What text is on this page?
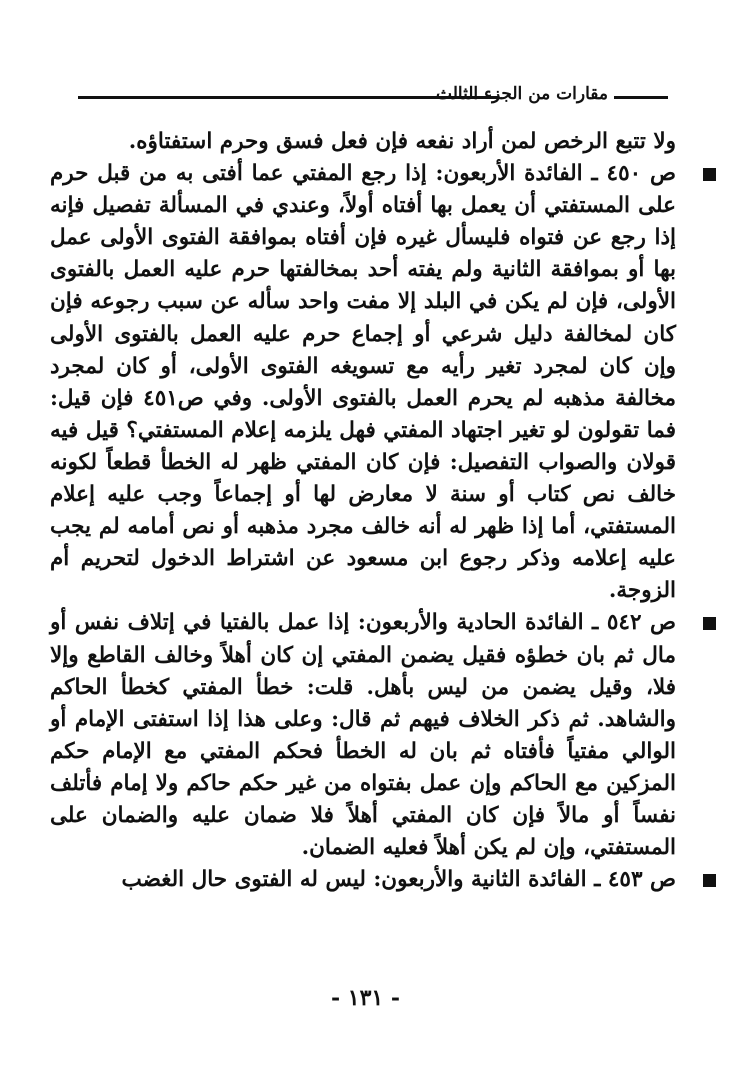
مقارات من الجزء الثالث

ولا تتبع الرخص لمن أراد نفعه فإن فعل فسق وحرم استفتاؤه.

ص ٤٥٠ ـ الفائدة الأربعون: إذا رجع المفتي عما أفتى به من قبل حرم على المستفتي أن يعمل بها أفتاه أولاً، وعندي في المسألة تفصيل فإنه إذا رجع عن فتواه فليسأل غيره فإن أفتاه بموافقة الفتوى الأولى عمل بها أو بموافقة الثانية ولم يفته أحد بمخالفتها حرم عليه العمل بالفتوى الأولى، فإن لم يكن في البلد إلا مفت واحد سأله عن سبب رجوعه فإن كان لمخالفة دليل شرعي أو إجماع حرم عليه العمل بالفتوى الأولى وإن كان لمجرد تغير رأيه مع تسويغه الفتوى الأولى، أو كان لمجرد مخالفة مذهبه لم يحرم العمل بالفتوى الأولى. وفي ص٤٥١ فإن قيل: فما تقولون لو تغير اجتهاد المفتي فهل يلزمه إعلام المستفتي؟ قيل فيه قولان والصواب التفصيل: فإن كان المفتي ظهر له الخطأ قطعاً لكونه خالف نص كتاب أو سنة لا معارض لها أو إجماعاً وجب عليه إعلام المستفتي، أما إذا ظهر له أنه خالف مجرد مذهبه أو نص أمامه لم يجب عليه إعلامه وذكر رجوع ابن مسعود عن اشتراط الدخول لتحريم أم الزوجة.

ص ٥٤٢ ـ الفائدة الحادية والأربعون: إذا عمل بالفتيا في إتلاف نفس أو مال ثم بان خطؤه فقيل يضمن المفتي إن كان أهلاً وخالف القاطع وإلا فلا، وقيل يضمن من ليس بأهل. قلت: خطأ المفتي كخطأ الحاكم والشاهد. ثم ذكر الخلاف فيهم ثم قال: وعلى هذا إذا استفتى الإمام أو الوالي مفتياً فأفتاه ثم بان له الخطأ فحكم المفتي مع الإمام حكم المزكين مع الحاكم وإن عمل بفتواه من غير حكم حاكم ولا إمام فأتلف نفساً أو مالاً فإن كان المفتي أهلاً فلا ضمان عليه والضمان على المستفتي، وإن لم يكن أهلاً فعليه الضمان.

ص ٤٥٣ ـ الفائدة الثانية والأربعون: ليس له الفتوى حال الغضب

- ١٣١ -
